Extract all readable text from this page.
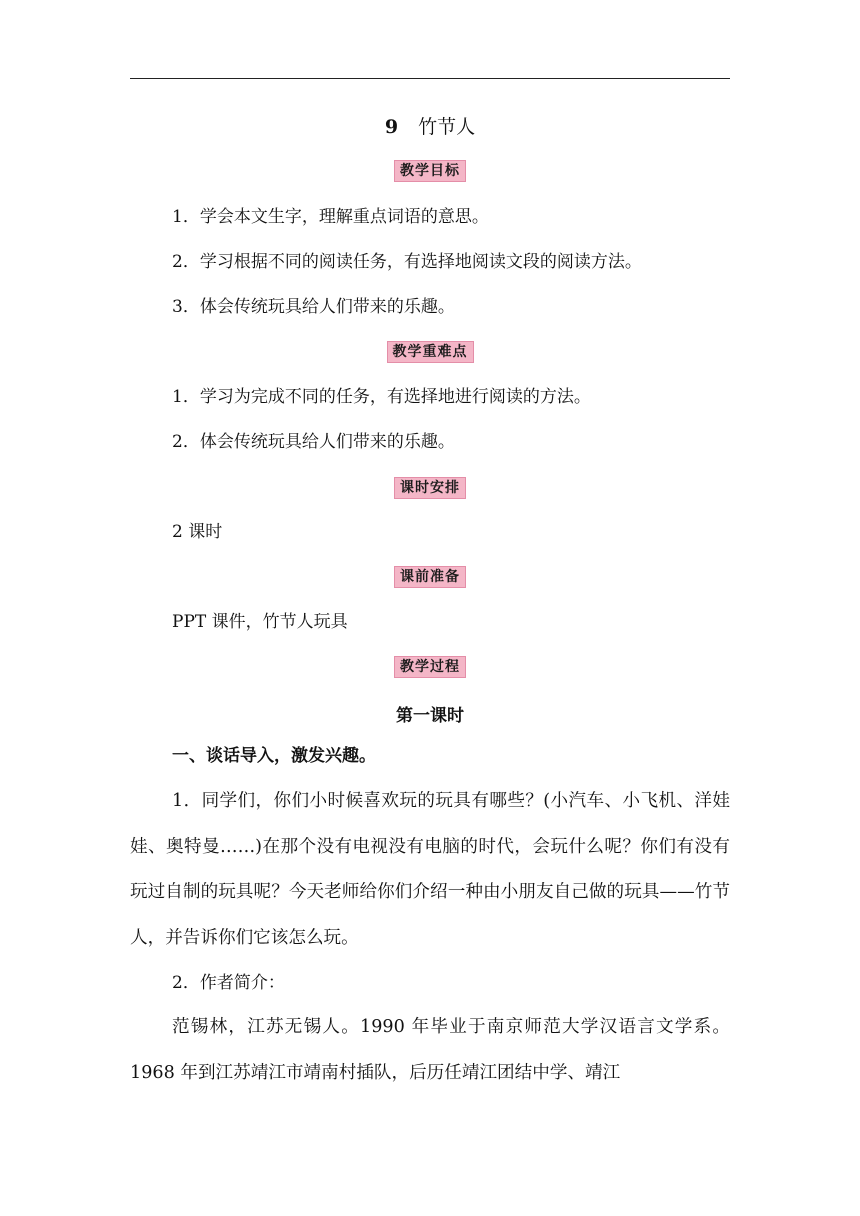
9 竹节人
教学目标
1．学会本文生字，理解重点词语的意思。
2．学习根据不同的阅读任务，有选择地阅读文段的阅读方法。
3．体会传统玩具给人们带来的乐趣。
教学重难点
1．学习为完成不同的任务，有选择地进行阅读的方法。
2．体会传统玩具给人们带来的乐趣。
课时安排
2 课时
课前准备
PPT 课件，竹节人玩具
教学过程
第一课时
一、谈话导入，激发兴趣。
1．同学们，你们小时候喜欢玩的玩具有哪些？(小汽车、小飞机、洋娃娃、奥特曼……)在那个没有电视没有电脑的时代，会玩什么呢？你们有没有玩过自制的玩具呢？今天老师给你们介绍一种由小朋友自己做的玩具——竹节人，并告诉你们它该怎么玩。
2．作者简介：
范锡林，江苏无锡人。1990 年毕业于南京师范大学汉语言文学系。1968 年到江苏靖江市靖南村插队，后历任靖江团结中学、靖江
